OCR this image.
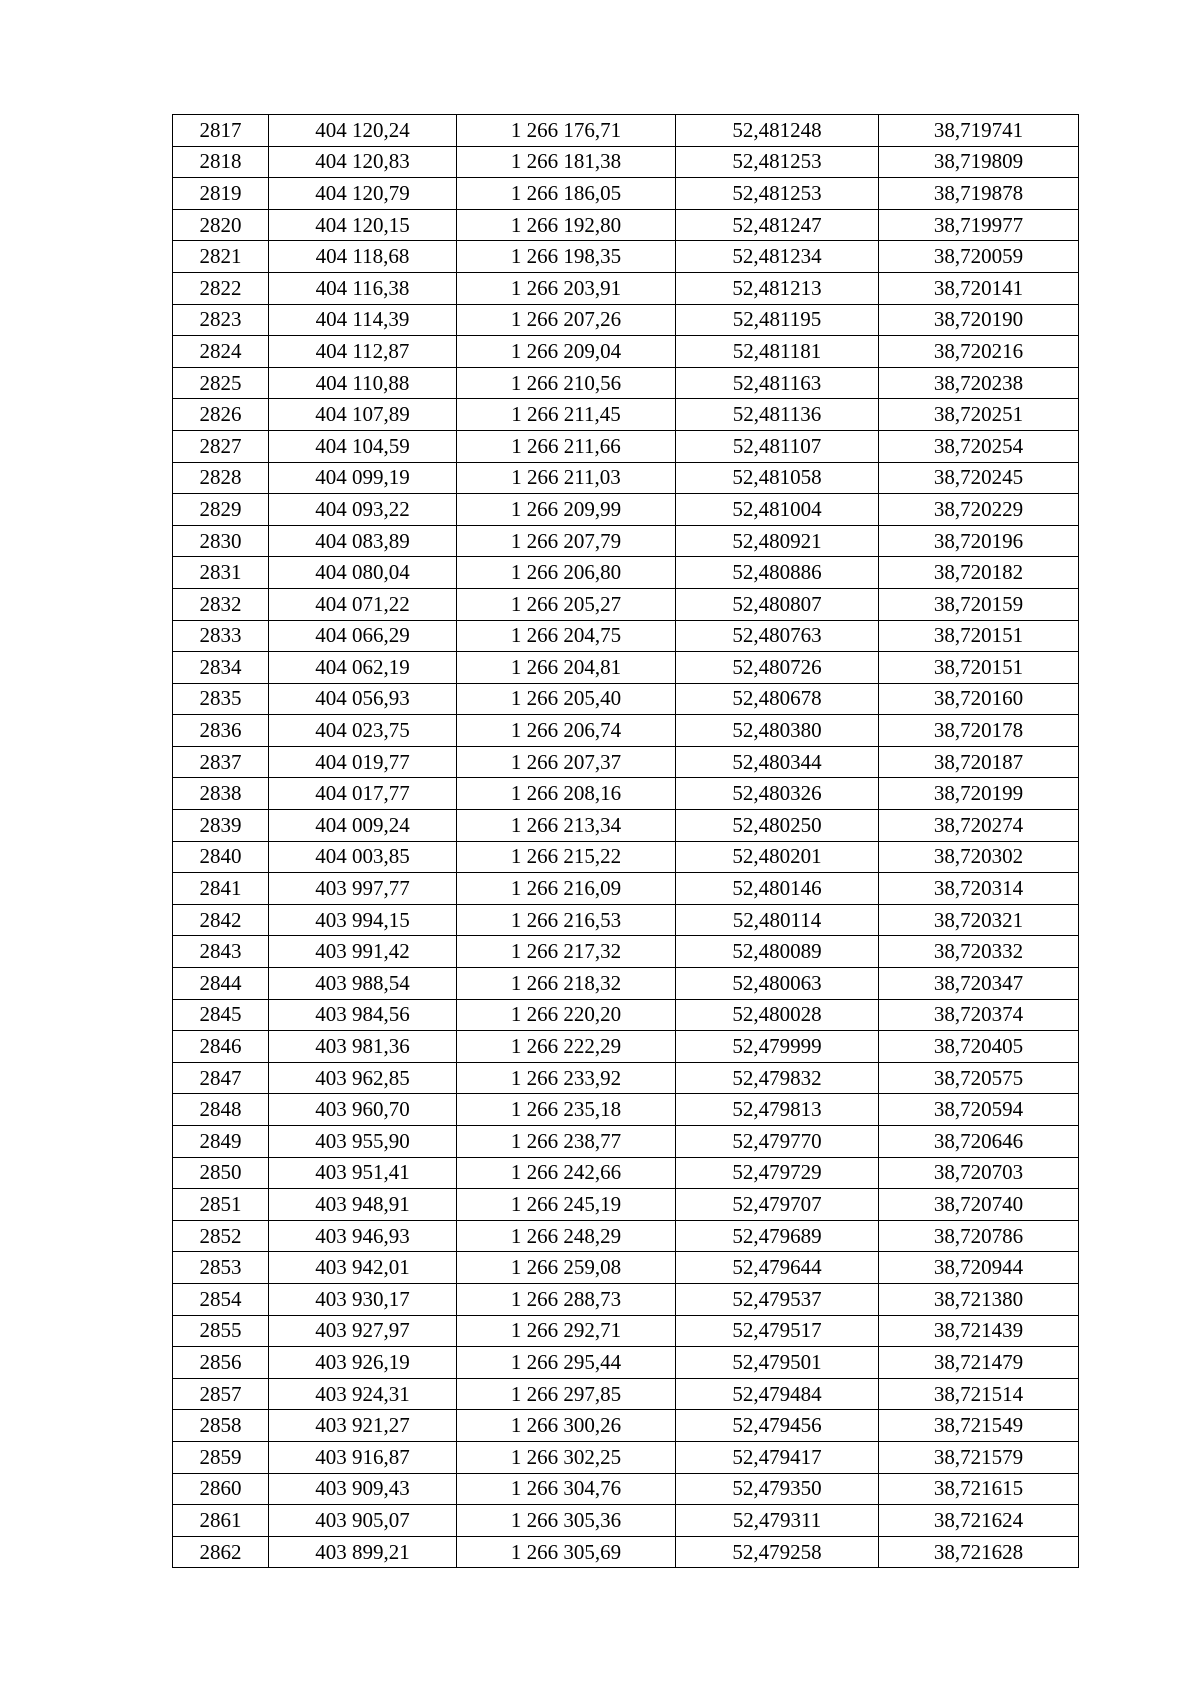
2817	404 120,24	1 266 176,71	52,481248	38,719741
2818	404 120,83	1 266 181,38	52,481253	38,719809
2819	404 120,79	1 266 186,05	52,481253	38,719878
2820	404 120,15	1 266 192,80	52,481247	38,719977
2821	404 118,68	1 266 198,35	52,481234	38,720059
2822	404 116,38	1 266 203,91	52,481213	38,720141
2823	404 114,39	1 266 207,26	52,481195	38,720190
2824	404 112,87	1 266 209,04	52,481181	38,720216
2825	404 110,88	1 266 210,56	52,481163	38,720238
2826	404 107,89	1 266 211,45	52,481136	38,720251
2827	404 104,59	1 266 211,66	52,481107	38,720254
2828	404 099,19	1 266 211,03	52,481058	38,720245
2829	404 093,22	1 266 209,99	52,481004	38,720229
2830	404 083,89	1 266 207,79	52,480921	38,720196
2831	404 080,04	1 266 206,80	52,480886	38,720182
2832	404 071,22	1 266 205,27	52,480807	38,720159
2833	404 066,29	1 266 204,75	52,480763	38,720151
2834	404 062,19	1 266 204,81	52,480726	38,720151
2835	404 056,93	1 266 205,40	52,480678	38,720160
2836	404 023,75	1 266 206,74	52,480380	38,720178
2837	404 019,77	1 266 207,37	52,480344	38,720187
2838	404 017,77	1 266 208,16	52,480326	38,720199
2839	404 009,24	1 266 213,34	52,480250	38,720274
2840	404 003,85	1 266 215,22	52,480201	38,720302
2841	403 997,77	1 266 216,09	52,480146	38,720314
2842	403 994,15	1 266 216,53	52,480114	38,720321
2843	403 991,42	1 266 217,32	52,480089	38,720332
2844	403 988,54	1 266 218,32	52,480063	38,720347
2845	403 984,56	1 266 220,20	52,480028	38,720374
2846	403 981,36	1 266 222,29	52,479999	38,720405
2847	403 962,85	1 266 233,92	52,479832	38,720575
2848	403 960,70	1 266 235,18	52,479813	38,720594
2849	403 955,90	1 266 238,77	52,479770	38,720646
2850	403 951,41	1 266 242,66	52,479729	38,720703
2851	403 948,91	1 266 245,19	52,479707	38,720740
2852	403 946,93	1 266 248,29	52,479689	38,720786
2853	403 942,01	1 266 259,08	52,479644	38,720944
2854	403 930,17	1 266 288,73	52,479537	38,721380
2855	403 927,97	1 266 292,71	52,479517	38,721439
2856	403 926,19	1 266 295,44	52,479501	38,721479
2857	403 924,31	1 266 297,85	52,479484	38,721514
2858	403 921,27	1 266 300,26	52,479456	38,721549
2859	403 916,87	1 266 302,25	52,479417	38,721579
2860	403 909,43	1 266 304,76	52,479350	38,721615
2861	403 905,07	1 266 305,36	52,479311	38,721624
2862	403 899,21	1 266 305,69	52,479258	38,721628
